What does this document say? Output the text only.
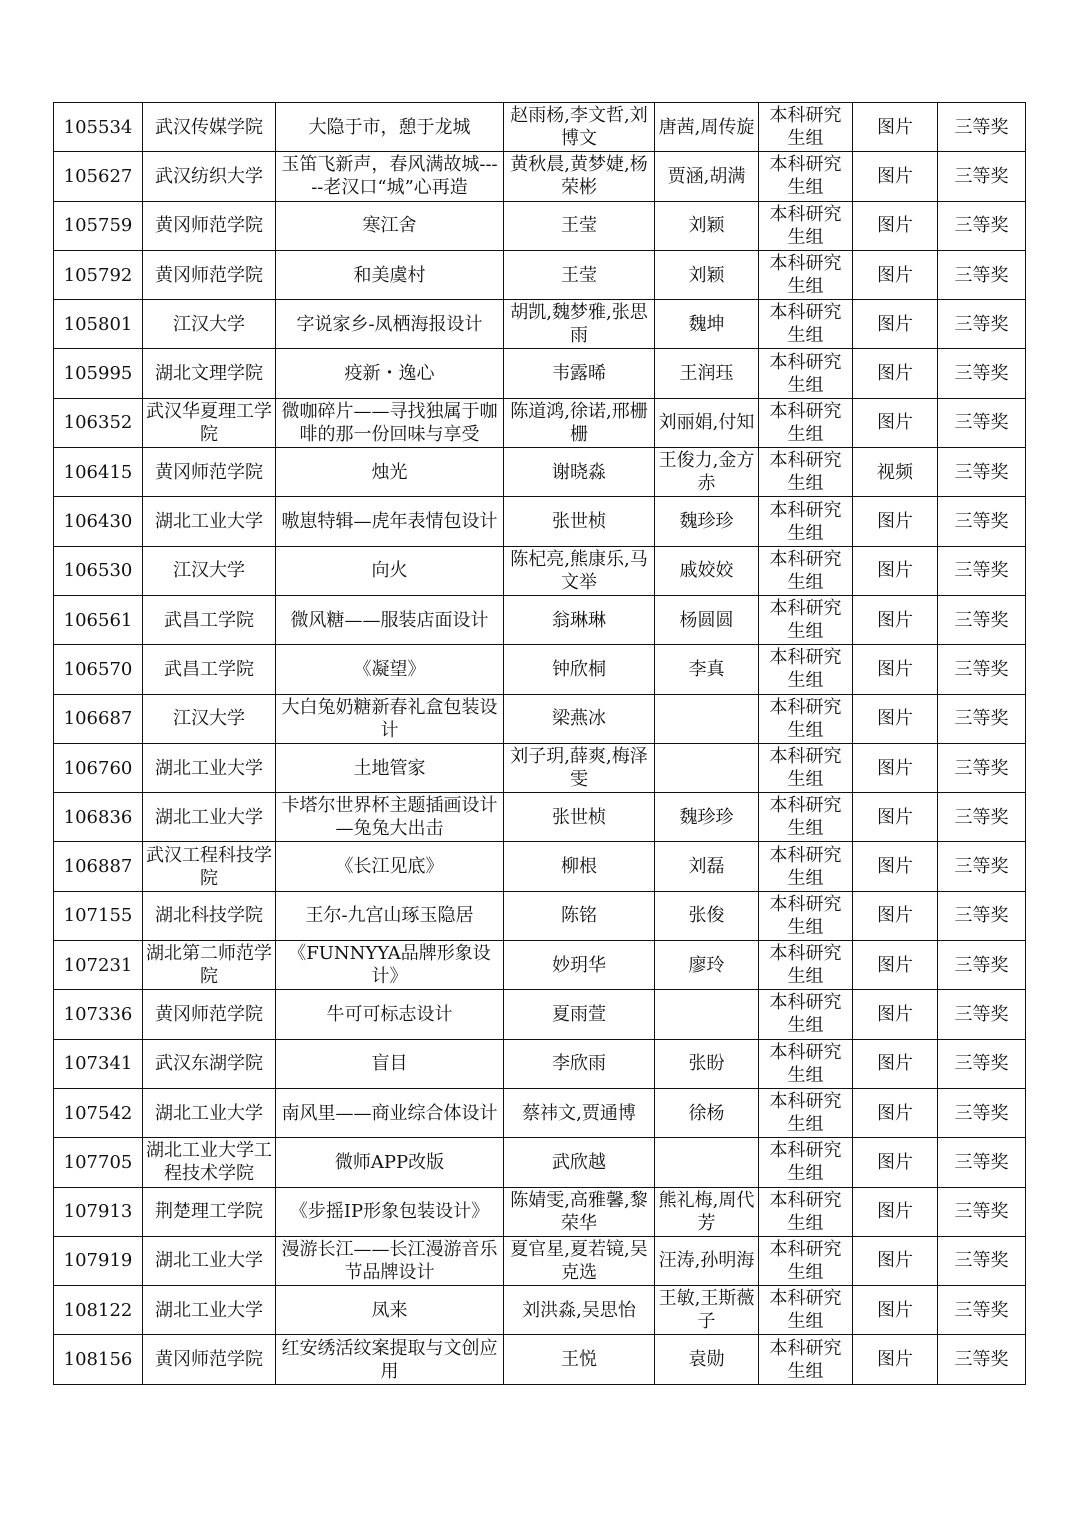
105534	武汉传媒学院	大隐于市，憩于龙城	赵雨杨,李文哲,刘博文	唐茜,周传旋	本科研究生组	图片	三等奖
105627	武汉纺织大学	玉笛飞新声，春风满故城-----老汉口“城”心再造	黄秋晨,黄梦婕,杨荣彬	贾涵,胡满	本科研究生组	图片	三等奖
105759	黄冈师范学院	寒江舍	王莹	刘颖	本科研究生组	图片	三等奖
105792	黄冈师范学院	和美虞村	王莹	刘颖	本科研究生组	图片	三等奖
105801	江汉大学	字说家乡-凤栖海报设计	胡凯,魏梦雅,张思雨	魏坤	本科研究生组	图片	三等奖
105995	湖北文理学院	疫新・逸心	韦露晞	王润珏	本科研究生组	图片	三等奖
106352	武汉华夏理工学院	微咖碎片——寻找独属于咖啡的那一份回味与享受	陈道鸿,徐诺,邢栅栅	刘丽娟,付知	本科研究生组	图片	三等奖
106415	黄冈师范学院	烛光	谢晓淼	王俊力,金方赤	本科研究生组	视频	三等奖
106430	湖北工业大学	嗷崽特辑—虎年表情包设计	张世桢	魏珍珍	本科研究生组	图片	三等奖
106530	江汉大学	向火	陈杞亮,熊康乐,马文举	戚姣姣	本科研究生组	图片	三等奖
106561	武昌工学院	微风糖——服装店面设计	翁琳琳	杨圆圆	本科研究生组	图片	三等奖
106570	武昌工学院	《凝望》	钟欣桐	李真	本科研究生组	图片	三等奖
106687	江汉大学	大白兔奶糖新春礼盒包装设计	梁燕冰		本科研究生组	图片	三等奖
106760	湖北工业大学	土地管家	刘子玥,薛爽,梅泽雯		本科研究生组	图片	三等奖
106836	湖北工业大学	卡塔尔世界杯主题插画设计—兔兔大出击	张世桢	魏珍珍	本科研究生组	图片	三等奖
106887	武汉工程科技学院	《长江见底》	柳根	刘磊	本科研究生组	图片	三等奖
107155	湖北科技学院	王尔-九宫山琢玉隐居	陈铭	张俊	本科研究生组	图片	三等奖
107231	湖北第二师范学院	《FUNNYYA品牌形象设计》	妙玥华	廖玲	本科研究生组	图片	三等奖
107336	黄冈师范学院	牛可可标志设计	夏雨萱		本科研究生组	图片	三等奖
107341	武汉东湖学院	盲目	李欣雨	张盼	本科研究生组	图片	三等奖
107542	湖北工业大学	南风里——商业综合体设计	蔡祎文,贾通博	徐杨	本科研究生组	图片	三等奖
107705	湖北工业大学工程技术学院	微师APP改版	武欣越		本科研究生组	图片	三等奖
107913	荆楚理工学院	《步摇IP形象包装设计》	陈婧雯,高雅馨,黎荣华	熊礼梅,周代芳	本科研究生组	图片	三等奖
107919	湖北工业大学	漫游长江——长江漫游音乐节品牌设计	夏官星,夏若镜,吴克选	汪涛,孙明海	本科研究生组	图片	三等奖
108122	湖北工业大学	凤来	刘洪淼,吴思怡	王敏,王斯薇子	本科研究生组	图片	三等奖
108156	黄冈师范学院	红安绣活纹案提取与文创应用	王悦	袁勋	本科研究生组	图片	三等奖
